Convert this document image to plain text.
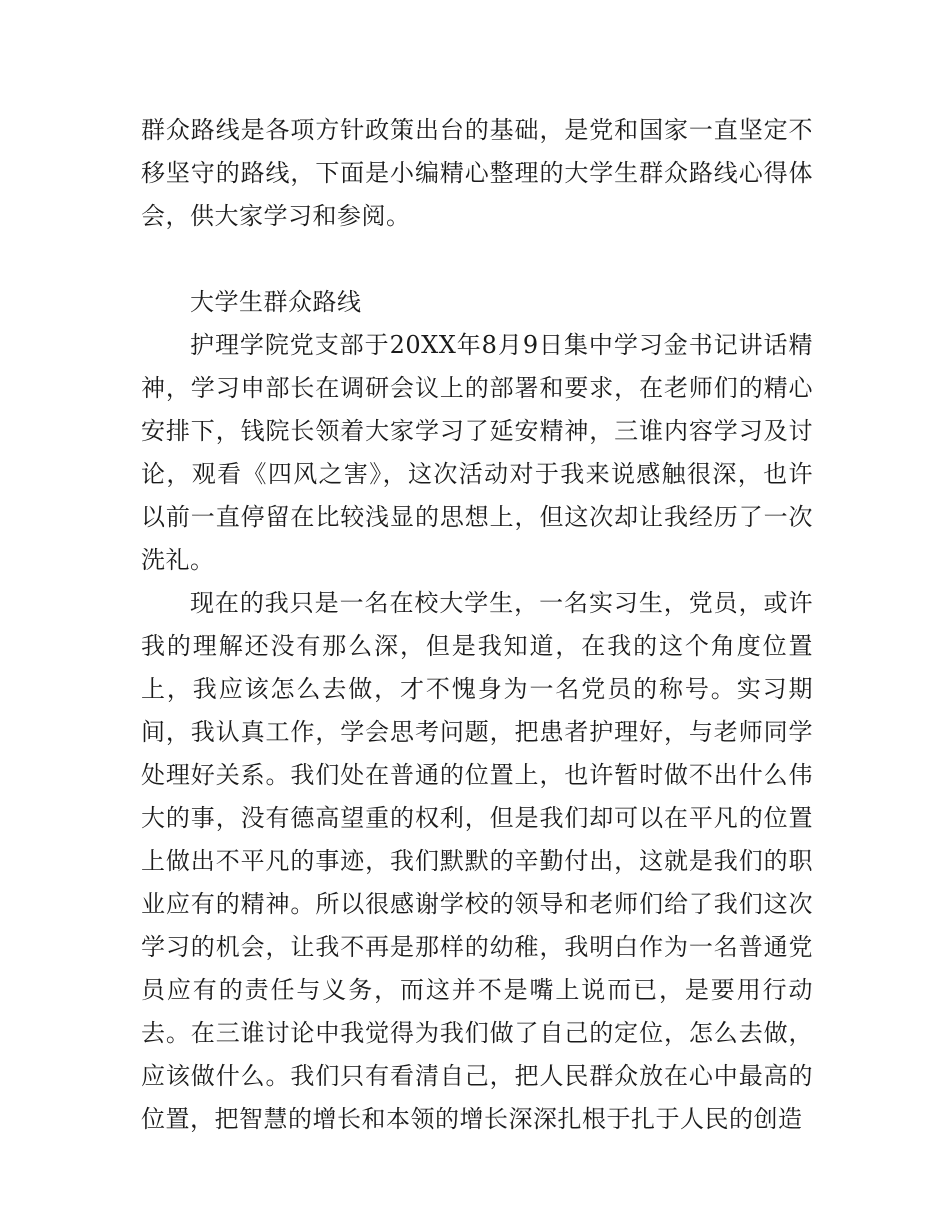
群众路线是各项方针政策出台的基础，是党和国家一直坚定不移坚守的路线，下面是小编精心整理的大学生群众路线心得体会，供大家学习和参阅。

大学生群众路线

护理学院党支部于20XX年8月9日集中学习金书记讲话精神，学习申部长在调研会议上的部署和要求，在老师们的精心安排下，钱院长领着大家学习了延安精神，三谁内容学习及讨论，观看《四风之害》，这次活动对于我来说感触很深，也许以前一直停留在比较浅显的思想上，但这次却让我经历了一次洗礼。

现在的我只是一名在校大学生，一名实习生，党员，或许我的理解还没有那么深，但是我知道，在我的这个角度位置上，我应该怎么去做，才不愧身为一名党员的称号。实习期间，我认真工作，学会思考问题，把患者护理好，与老师同学处理好关系。我们处在普通的位置上，也许暂时做不出什么伟大的事，没有德高望重的权利，但是我们却可以在平凡的位置上做出不平凡的事迹，我们默默的辛勤付出，这就是我们的职业应有的精神。所以很感谢学校的领导和老师们给了我们这次学习的机会，让我不再是那样的幼稚，我明白作为一名普通党员应有的责任与义务，而这并不是嘴上说而已，是要用行动去。在三谁讨论中我觉得为我们做了自己的定位，怎么去做，应该做什么。我们只有看清自己，把人民群众放在心中最高的位置，把智慧的增长和本领的增长深深扎根于扎于人民的创造
